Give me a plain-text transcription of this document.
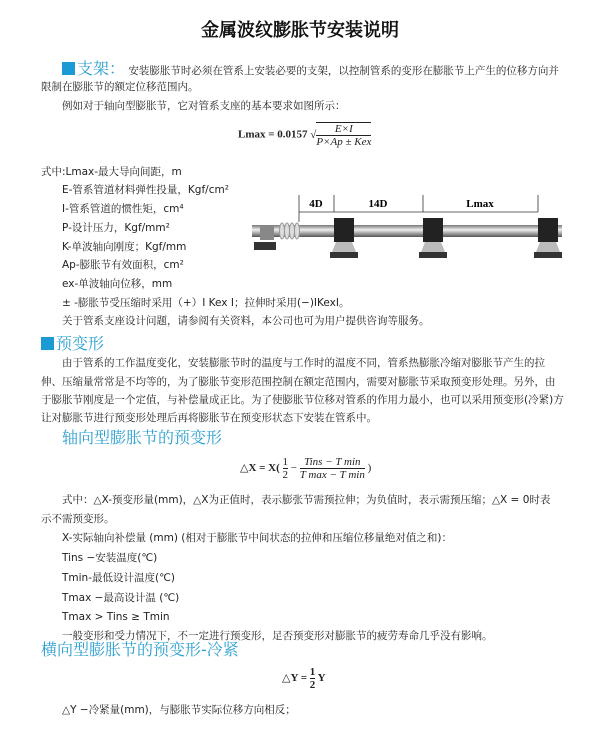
金属波纹膨胀节安装说明
支架： 安装膨胀节时必须在管系上安装必要的支架，以控制管系的变形在膨胀节上产生的位移方向并
限制在膨胀节的额定位移范围内。
例如对于轴向型膨胀节，它对管系支座的基本要求如图所示：
Lmax = 0.0157 √ $\frac{E\times I}{\text{P×Ap ± Kex}}$
式中:Lmax-最大导向间距，m
E-管系管道材料弹性投量，Kgf/cm²
I-管系管道的惯性矩，cm⁴
P-设计压力，Kgf/mm²
K-单波轴向刚度；Kgf/mm
Ap-膨胀节有效面积，cm²
ex-单波轴向位移，mm
± -膨胀节受压缩时采用（+）I Kex I；拉伸时采用(−)IKexI。
关于管系支座设计问题，请参阅有关资料，本公司也可为用户提供咨询等服务。
4D	14D	Lmax
预变形
由于管系的工作温度变化，安装膨胀节时的温度与工作时的温度不同，管系热膨胀冷缩对膨胀节产生的拉
伸、压缩量常常是不均等的，为了膨胀节变形范围控制在额定范围内，需要对膨胀节采取预变形处理。另外，由
于膨胀节刚度是一个定值，与补偿量成正比。为了使膨胀节位移对管系的作用力最小，也可以采用预变形(冷紧)方
让对膨胀节进行预变形处理后再将膨胀节在预变形状态下安装在管系中。
轴向型膨胀节的预变形
△X = $X( \frac{1}{2} - \frac{\text{Tins − T min}}{\text{T max − T min}}$ )
式中：△X-预变形量(mm)，△X为正值时，表示膨张节需预拉伸；为负值时，表示需预压缩；△X = 0时表
示不需预变形。
X-实际轴向补偿量 (mm) (相对于膨胀节中间状态的拉伸和压缩位移量绝对值之和)：
Tins −安装温度(℃)
Tmin-最低设计温度(℃)
Tmax −最高设计温 (℃)
Tmax > Tins ≥ Tmin
一般变形和受力情况下，不一定进行预变形，足否预变形对膨胀节的疲劳寿命几乎没有影响。
横向型膨胀节的预变形-冷紧
△Y = $\frac{1}{2}$ Y
△Y −冷紧量(mm)，与膨胀节实际位移方向相反；
